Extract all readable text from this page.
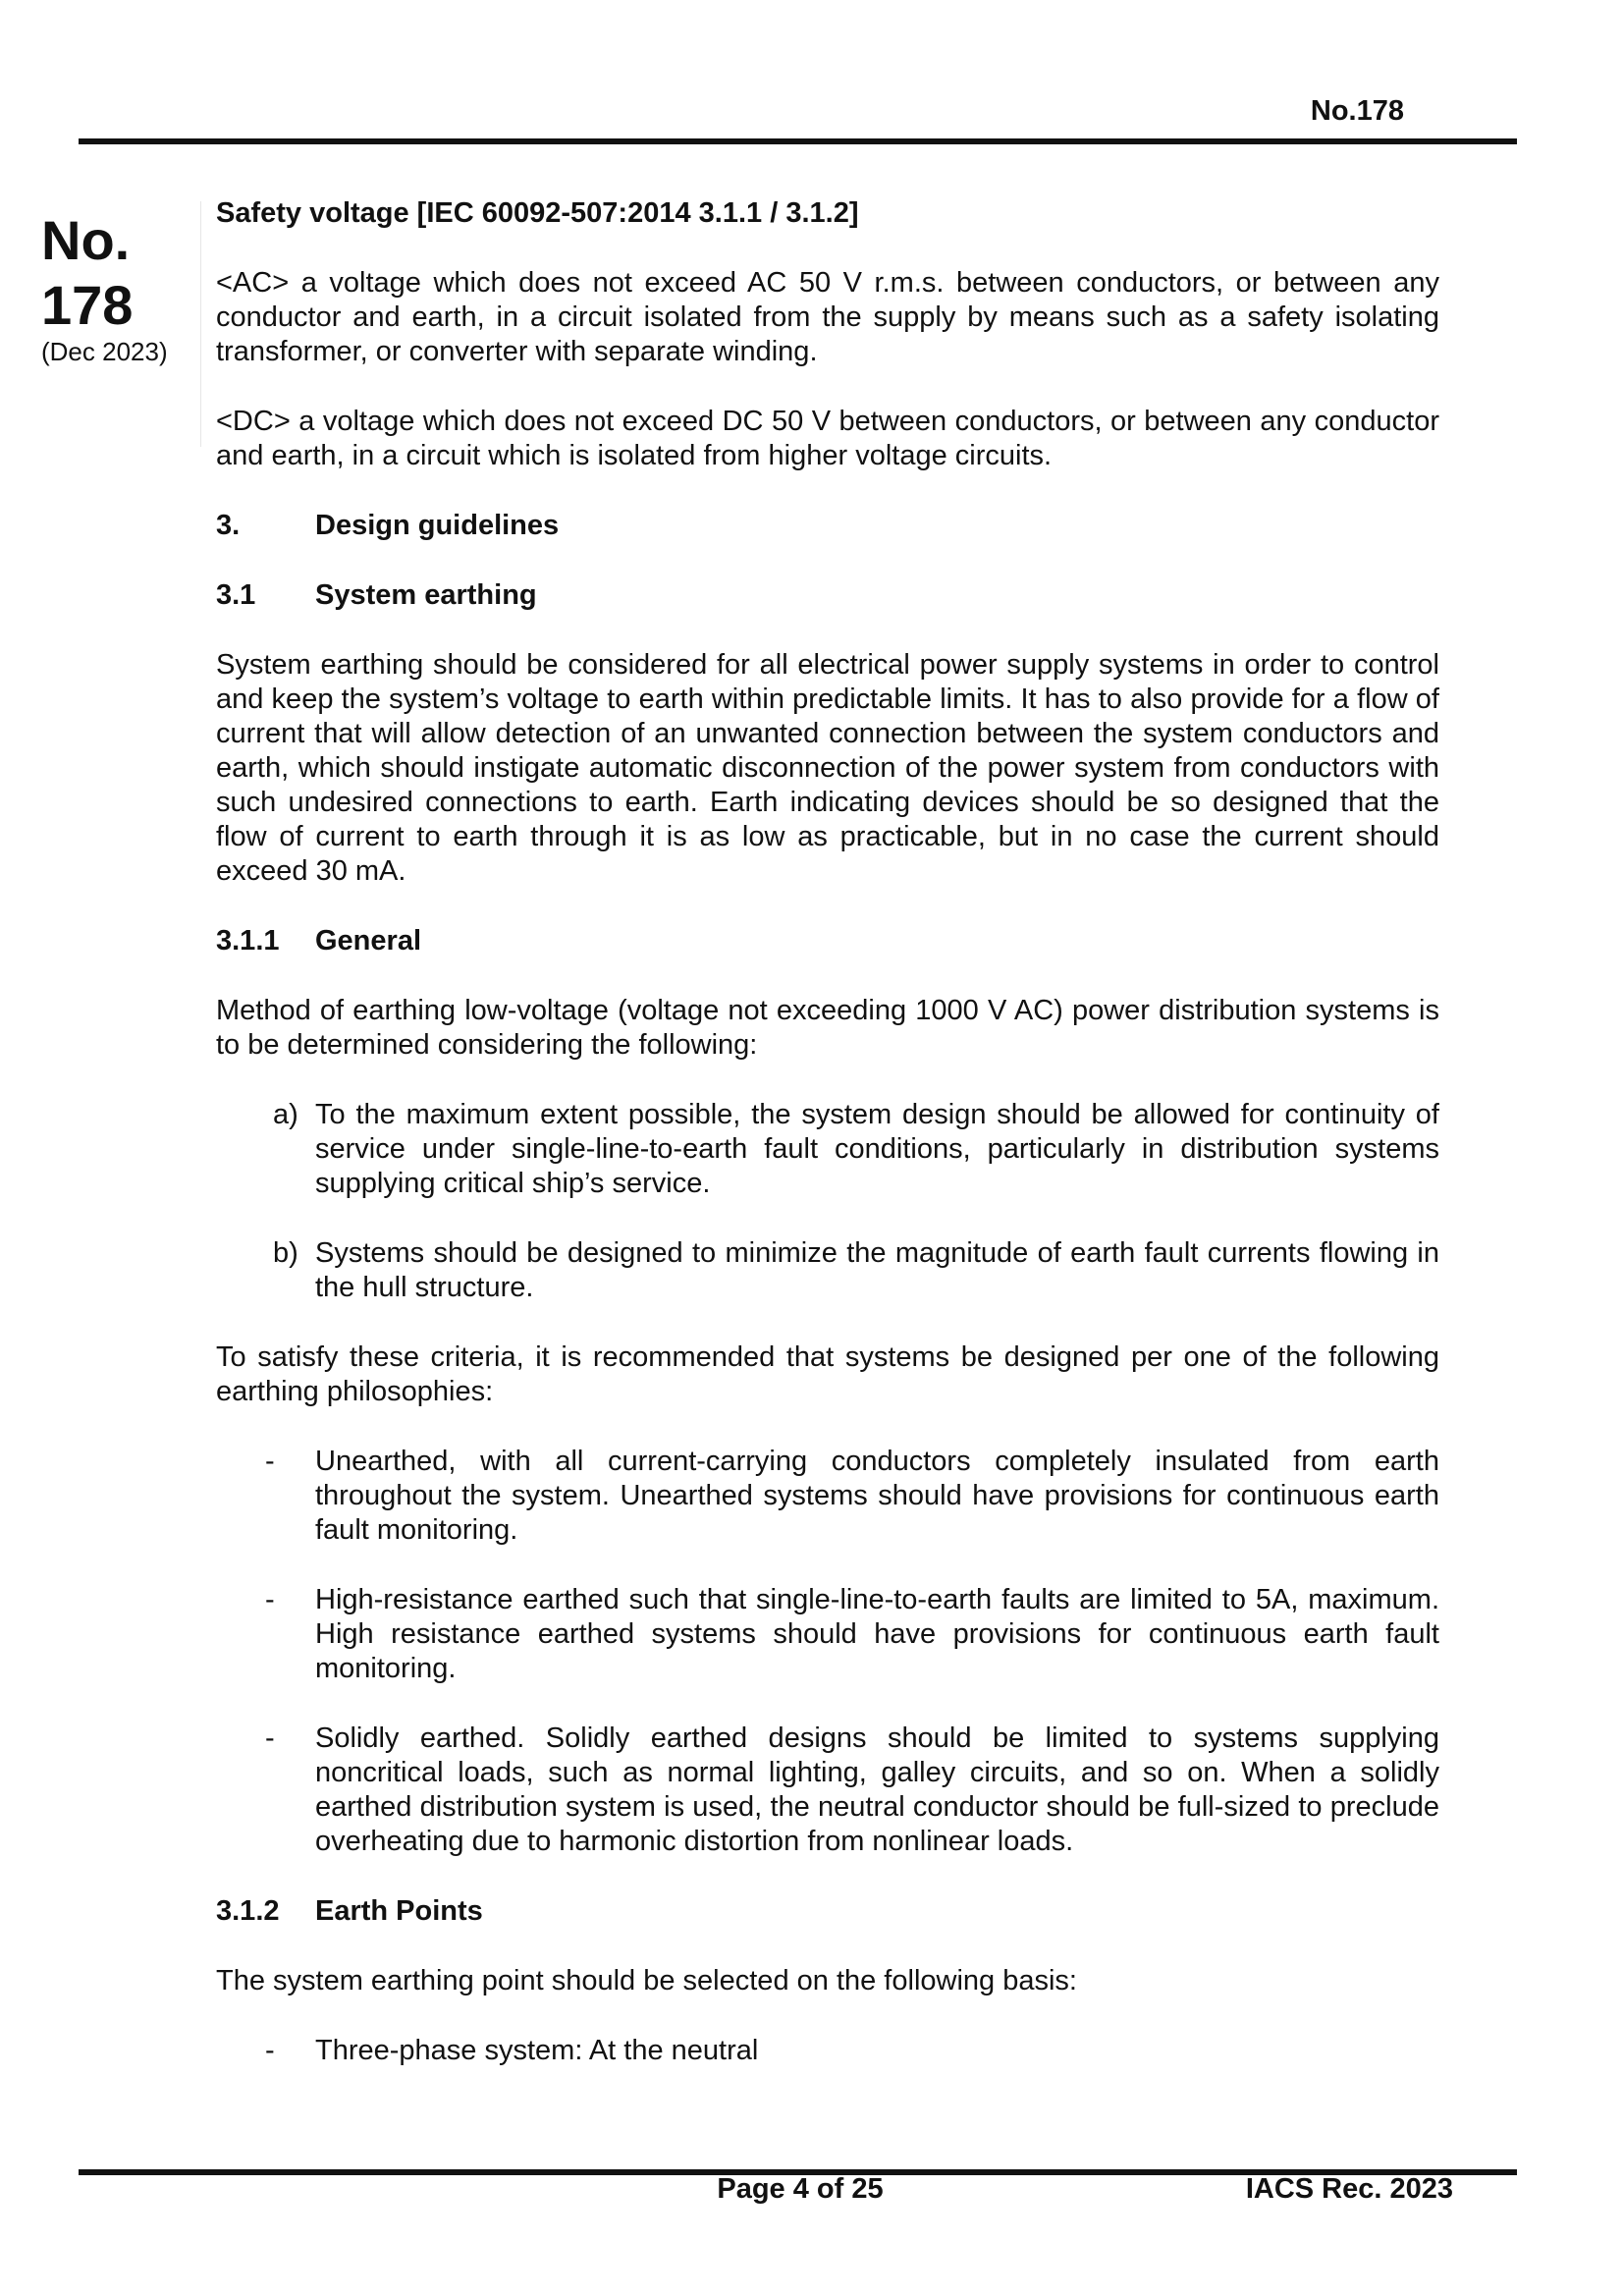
No.178
No.
178
(Dec 2023)

Safety voltage [IEC 60092-507:2014 3.1.1 / 3.1.2]

<AC> a voltage which does not exceed AC 50 V r.m.s. between conductors, or between any conductor and earth, in a circuit isolated from the supply by means such as a safety isolating transformer, or converter with separate winding.

<DC> a voltage which does not exceed DC 50 V between conductors, or between any conductor and earth, in a circuit which is isolated from higher voltage circuits.

3.	Design guidelines

3.1 System earthing

System earthing should be considered for all electrical power supply systems in order to control and keep the system’s voltage to earth within predictable limits. It has to also provide for a flow of current that will allow detection of an unwanted connection between the system conductors and earth, which should instigate automatic disconnection of the power system from conductors with such undesired connections to earth. Earth indicating devices should be so designed that the flow of current to earth through it is as low as practicable, but in no case the current should exceed 30 mA.

3.1.1 General

Method of earthing low-voltage (voltage not exceeding 1000 V AC) power distribution systems is to be determined considering the following:

a) To the maximum extent possible, the system design should be allowed for continuity of service under single-line-to-earth fault conditions, particularly in distribution systems supplying critical ship’s service.

b) Systems should be designed to minimize the magnitude of earth fault currents flowing in the hull structure.

To satisfy these criteria, it is recommended that systems be designed per one of the following earthing philosophies:

- Unearthed, with all current-carrying conductors completely insulated from earth throughout the system. Unearthed systems should have provisions for continuous earth fault monitoring.

- High-resistance earthed such that single-line-to-earth faults are limited to 5A, maximum. High resistance earthed systems should have provisions for continuous earth fault monitoring.

- Solidly earthed. Solidly earthed designs should be limited to systems supplying noncritical loads, such as normal lighting, galley circuits, and so on. When a solidly earthed distribution system is used, the neutral conductor should be full-sized to preclude overheating due to harmonic distortion from nonlinear loads.

3.1.2 Earth Points

The system earthing point should be selected on the following basis:

- Three-phase system: At the neutral

Page 4 of 25	IACS Rec. 2023
